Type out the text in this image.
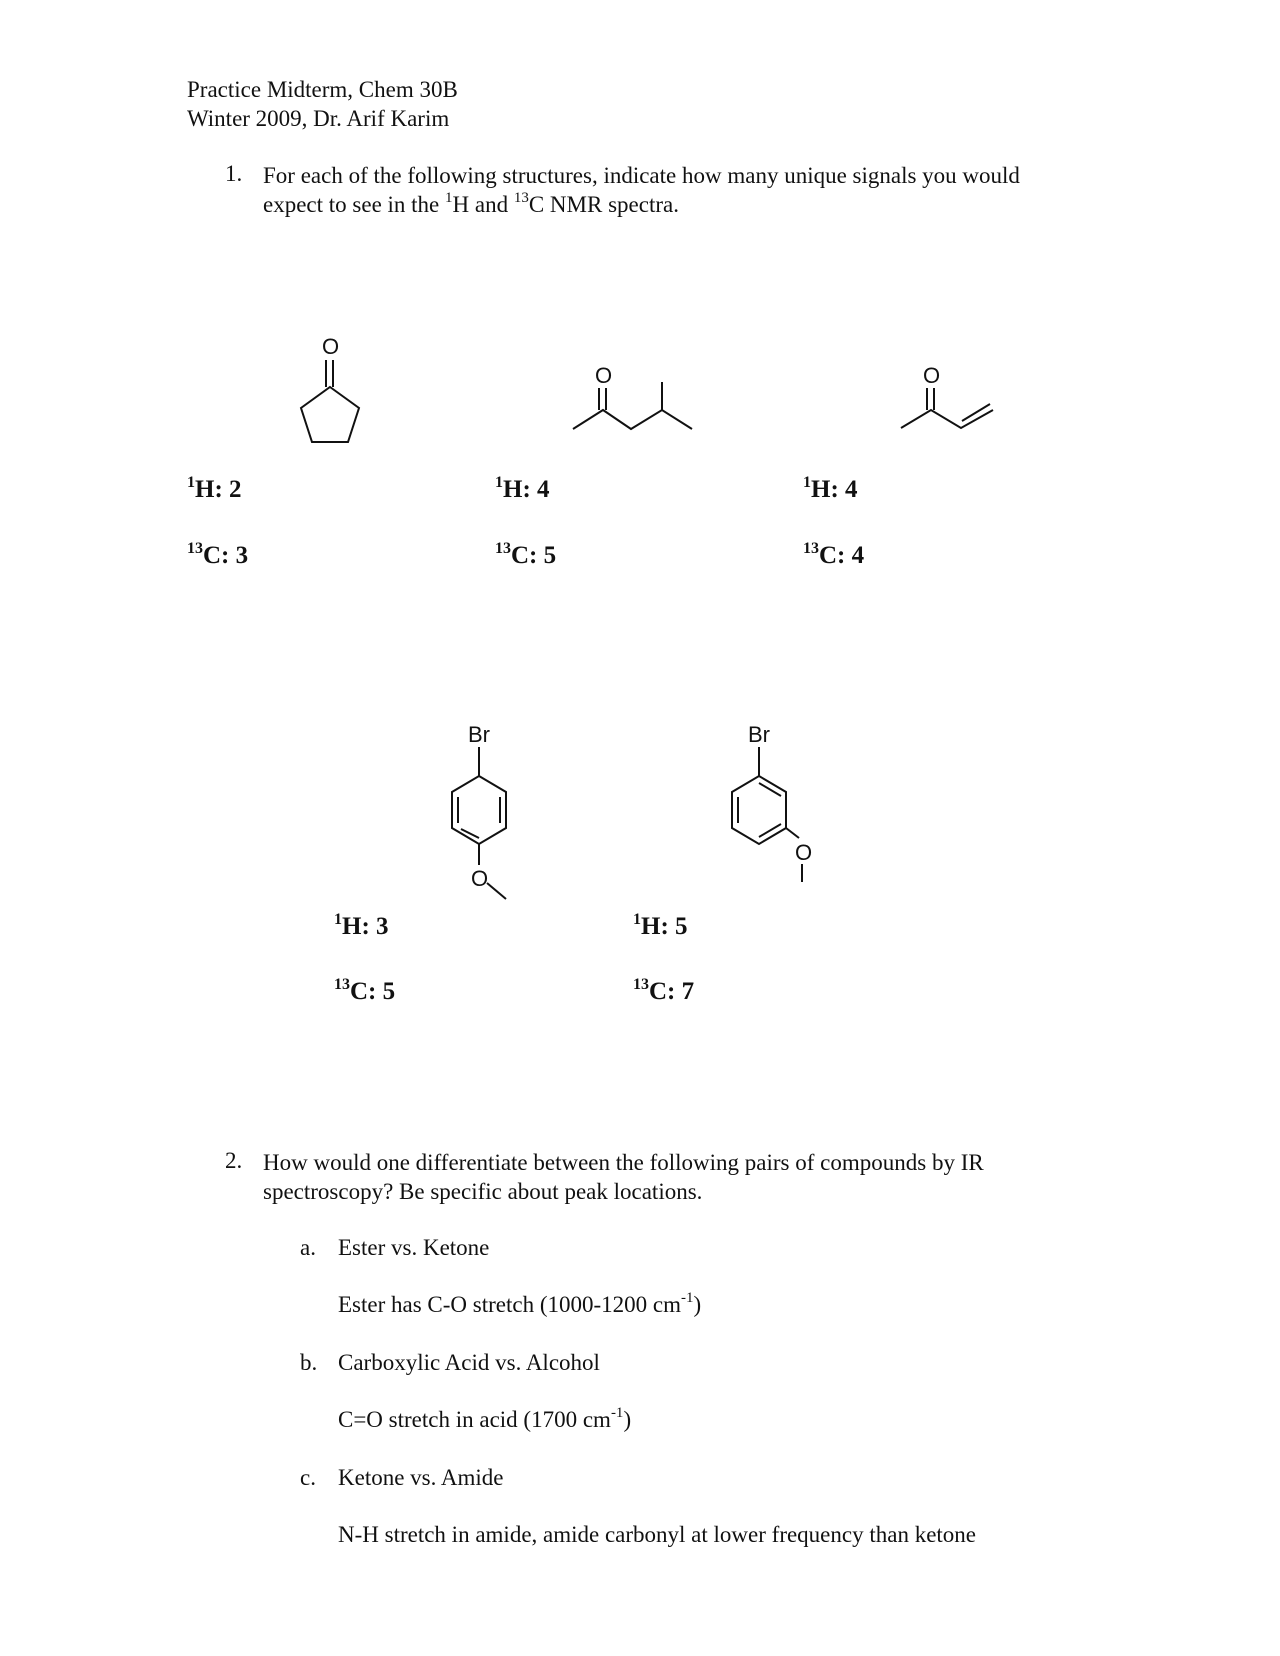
Practice Midterm, Chem 30B
Winter 2009, Dr. Arif Karim
1. For each of the following structures, indicate how many unique signals you would
expect to see in the $^1$H and $^{13}$C NMR spectra.
O
O	O
$^1$H: 2
$^{13}$C: 3
$^1$H: 4
$^{13}$C: 5
$^1$H: 4
$^{13}$C: 4
Br
O
Br
O
$^1$H: 3
$^{13}$C: 5
$^1$H: 5
$^{13}$C: 7
2. How would one differentiate between the following pairs of compounds by IR
spectroscopy? Be specific about peak locations.
a. Ester vs. Ketone
Ester has C-O stretch (1000-1200 $cm^{-1}$)
b. Carboxylic Acid vs. Alcohol
C=O stretch in acid (1700 $cm^{-1}$)
c. Ketone vs. Amide
N-H stretch in amide, amide carbonyl at lower frequency than ketone
